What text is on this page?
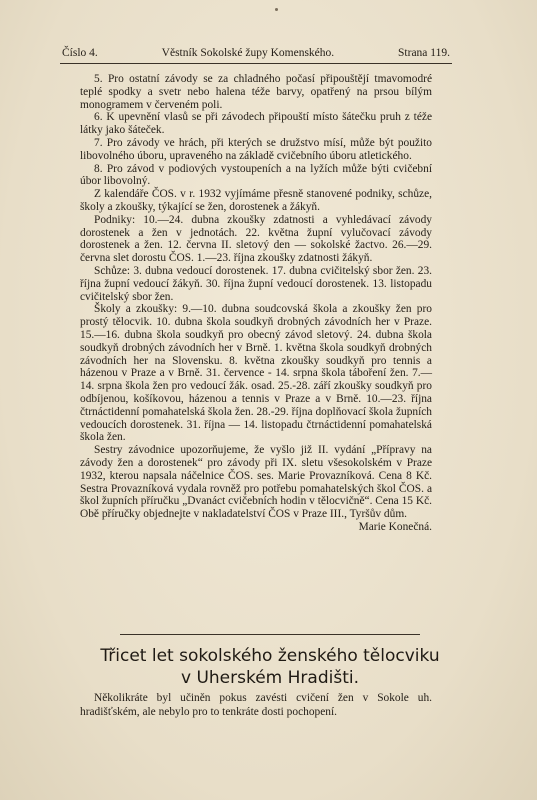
Číslo 4.	Věstník Sokolské župy Komenského.	Strana 119.

5. Pro ostatní závody se za chladného počasí připouštějí tmavomodré teplé spodky a svetr nebo halena téže barvy, opatřený na prsou bílým monogramem v červeném poli.

6. K upevnění vlasů se při závodech připouští místo šátečku pruh z téže látky jako šáteček.

7. Pro závody ve hrách, při kterých se družstvo mísí, může být použito libovolného úboru, upraveného na základě cvičebního úboru atletického.

8. Pro závod v podiových vystoupeních a na lyžích může býti cvičební úbor libovolný.

Z kalendáře ČOS. v r. 1932 vyjímáme přesně stanovené podniky, schůze, školy a zkoušky, týkající se žen, dorostenek a žákyň.

Podniky: 10.—24. dubna zkoušky zdatnosti a vyhledávací závody dorostenek a žen v jednotách. 22. května župní vylučovací závody dorostenek a žen. 12. června II. sletový den — sokolské žactvo. 26.—29. června slet dorostu ČOS. 1.—23. října zkoušky zdatnosti žákyň.

Schůze: 3. dubna vedoucí dorostenek. 17. dubna cvičitelský sbor žen. 23. října župní vedoucí žákyň. 30. října župní vedoucí dorostenek. 13. listopadu cvičitelský sbor žen.

Školy a zkoušky: 9.—10. dubna soudcovská škola a zkoušky žen pro prostý tělocvik. 10. dubna škola soudkyň drobných závodních her v Praze. 15.—16. dubna škola soudkyň pro obecný závod sletový. 24. dubna škola soudkyň drobných závodních her v Brně. 1. května škola soudkyň drobných závodních her na Slovensku. 8. května zkoušky soudkyň pro tennis a házenou v Praze a v Brně. 31. července - 14. srpna škola táboření žen. 7.—14. srpna škola žen pro vedoucí žák. osad. 25.-28. září zkoušky soudkyň pro odbíjenou, košíkovou, házenou a tennis v Praze a v Brně. 10.—23. října čtrnáctidenní pomahatelská škola žen. 28.-29. října doplňovací škola župních vedoucích dorostenek. 31. října — 14. listopadu čtrnáctidenní pomahatelská škola žen.

Sestry závodnice upozorňujeme, že vyšlo již II. vydání „Přípravy na závody žen a dorostenek“ pro závody při IX. sletu všesokolském v Praze 1932, kterou napsala náčelnice ČOS. ses. Marie Provazníková. Cena 8 Kč. Sestra Provazníková vydala rovněž pro potřebu pomahatelských škol ČOS. a škol župních příručku „Dvanáct cvičebních hodin v tělocvičně“. Cena 15 Kč. Obě příručky objednejte v nakladatelství ČOS v Praze III., Tyršův dům.

Marie Konečná.

Třicet let sokolského ženského tělocviku
v Uherském Hradišti.

Několikráte byl učiněn pokus zavésti cvičení žen v Sokole uh. hradišťském, ale nebylo pro to tenkráte dosti pochopení.
